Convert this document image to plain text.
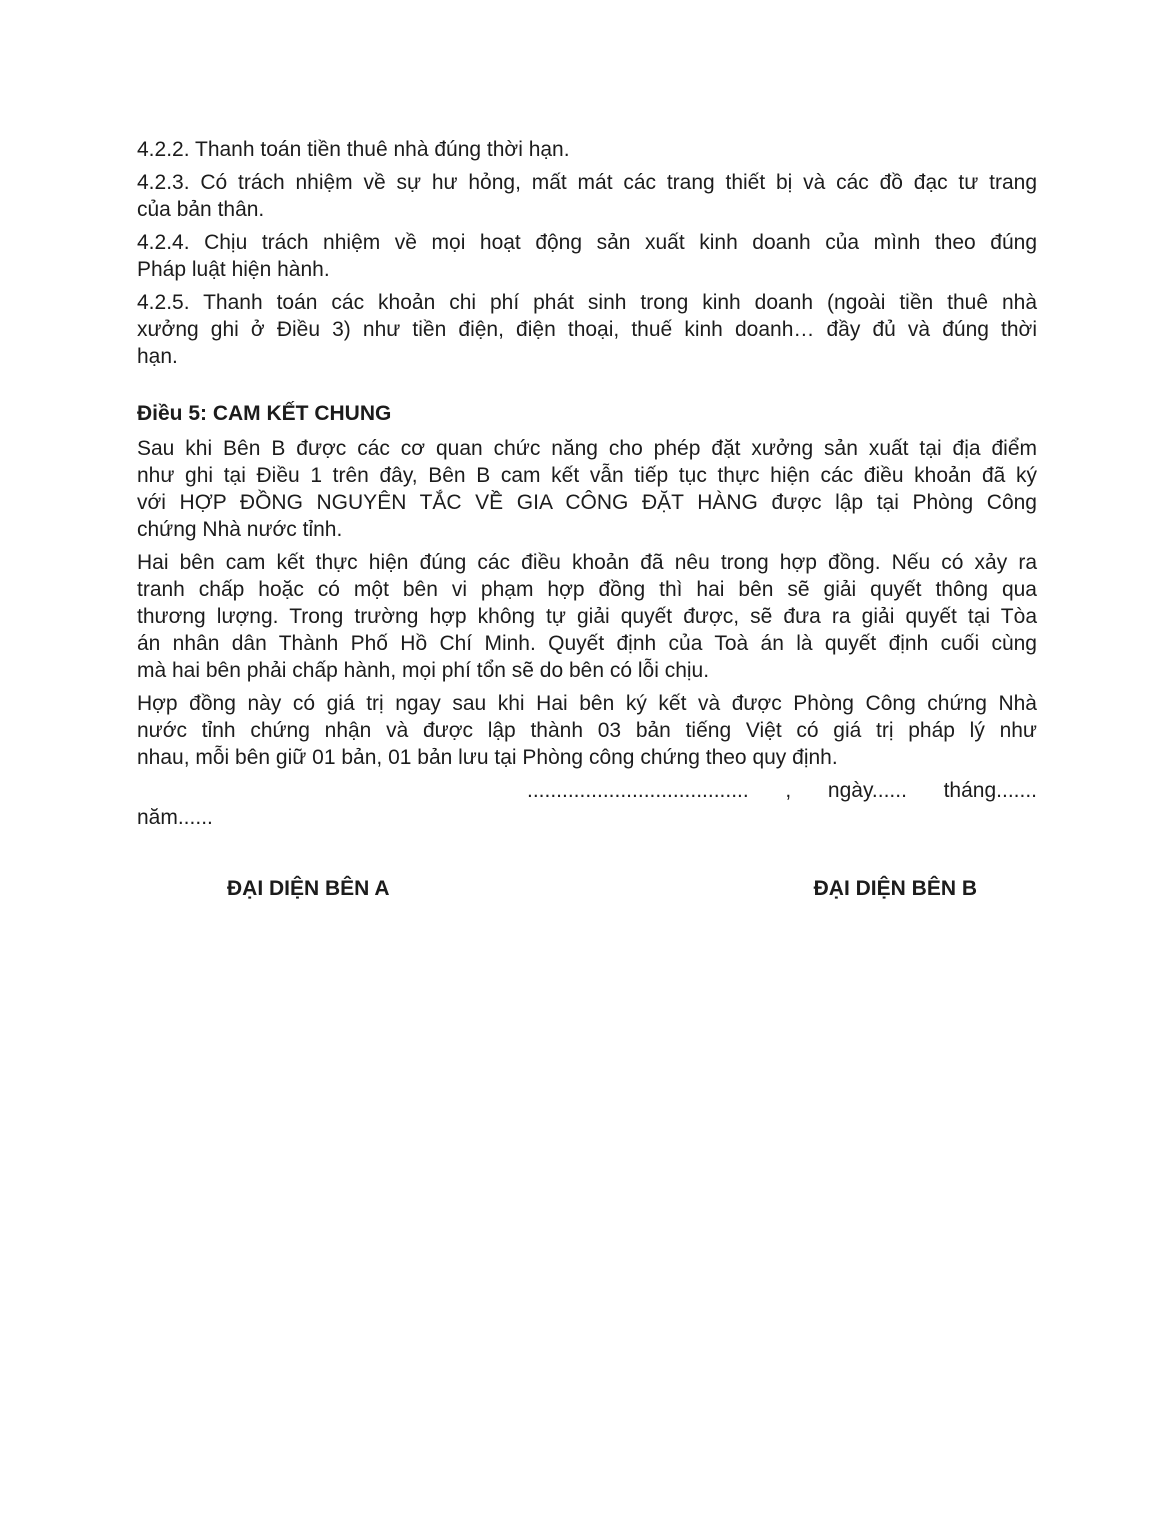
4.2.2. Thanh toán tiền thuê nhà đúng thời hạn.

4.2.3. Có trách nhiệm về sự hư hỏng, mất mát các trang thiết bị và các đồ đạc tư trang
của bản thân.

4.2.4. Chịu trách nhiệm về mọi hoạt động sản xuất kinh doanh của mình theo đúng
Pháp luật hiện hành.

4.2.5. Thanh toán các khoản chi phí phát sinh trong kinh doanh (ngoài tiền thuê nhà
xưởng ghi ở Điều 3) như tiền điện, điện thoại, thuế kinh doanh… đầy đủ và đúng thời
hạn.

Điều 5: CAM KẾT CHUNG

Sau khi Bên B được các cơ quan chức năng cho phép đặt xưởng sản xuất tại địa điểm
như ghi tại Điều 1 trên đây, Bên B cam kết vẫn tiếp tục thực hiện các điều khoản đã ký
với HỢP ĐỒNG NGUYÊN TẮC VỀ GIA CÔNG ĐẶT HÀNG được lập tại Phòng Công
chứng Nhà nước tỉnh.

Hai bên cam kết thực hiện đúng các điều khoản đã nêu trong hợp đồng. Nếu có xảy ra
tranh chấp hoặc có một bên vi phạm hợp đồng thì hai bên sẽ giải quyết thông qua
thương lượng. Trong trường hợp không tự giải quyết được, sẽ đưa ra giải quyết tại Tòa
án nhân dân Thành Phố Hồ Chí Minh. Quyết định của Toà án là quyết định cuối cùng
mà hai bên phải chấp hành, mọi phí tổn sẽ do bên có lỗi chịu.

Hợp đồng này có giá trị ngay sau khi Hai bên ký kết và được Phòng Công chứng Nhà
nước tỉnh chứng nhận và được lập thành 03 bản tiếng Việt có giá trị pháp lý như
nhau, mỗi bên giữ 01 bản, 01 bản lưu tại Phòng công chứng theo quy định.

...................................... , ngày...... tháng.......
năm......

ĐẠI DIỆN BÊN A	ĐẠI DIỆN BÊN B
